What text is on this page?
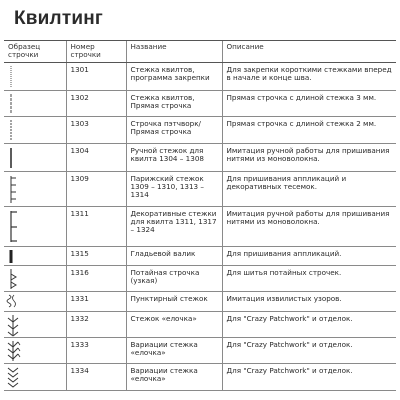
Квилтинг
Образец строчки	Номер строчки	Название	Описание

	1301	Стежка квилтов, программа закрепки	Для закрепки короткими стежками вперед в начале и конце шва.

	1302	Стежка квилтов, Прямая строчка	Прямая строчка с длиной стежка 3 мм.

	1303	Строчка пэтчворк/ Прямая строчка	Прямая строчка с длиной стежка 2 мм.

	1304	Ручной стежок для квилта 1304 – 1308	Имитация ручной работы для пришивания нитями из моноволокна.

	1309	Парижский стежок 1309 – 1310, 1313 – 1314	Для пришивания аппликаций и декоративных тесемок.

	1311	Декоративные стежки для квилта 1311, 1317 – 1324	Имитация ручной работы для пришивания нитями из моноволокна.

	1315	Гладьевой валик	Для пришивания аппликаций.

	1316	Потайная строчка (узкая)	Для шитья потайных строчек.

	1331	Пунктирный стежок	Имитация извилистых узоров.

	1332	Стежок «елочка»	Для "Crazy Patchwork" и отделок.

	1333	Вариации стежка «елочка»	Для "Crazy Patchwork" и отделок.

	1334	Вариации стежка «елочка»	Для "Crazy Patchwork" и отделок.
